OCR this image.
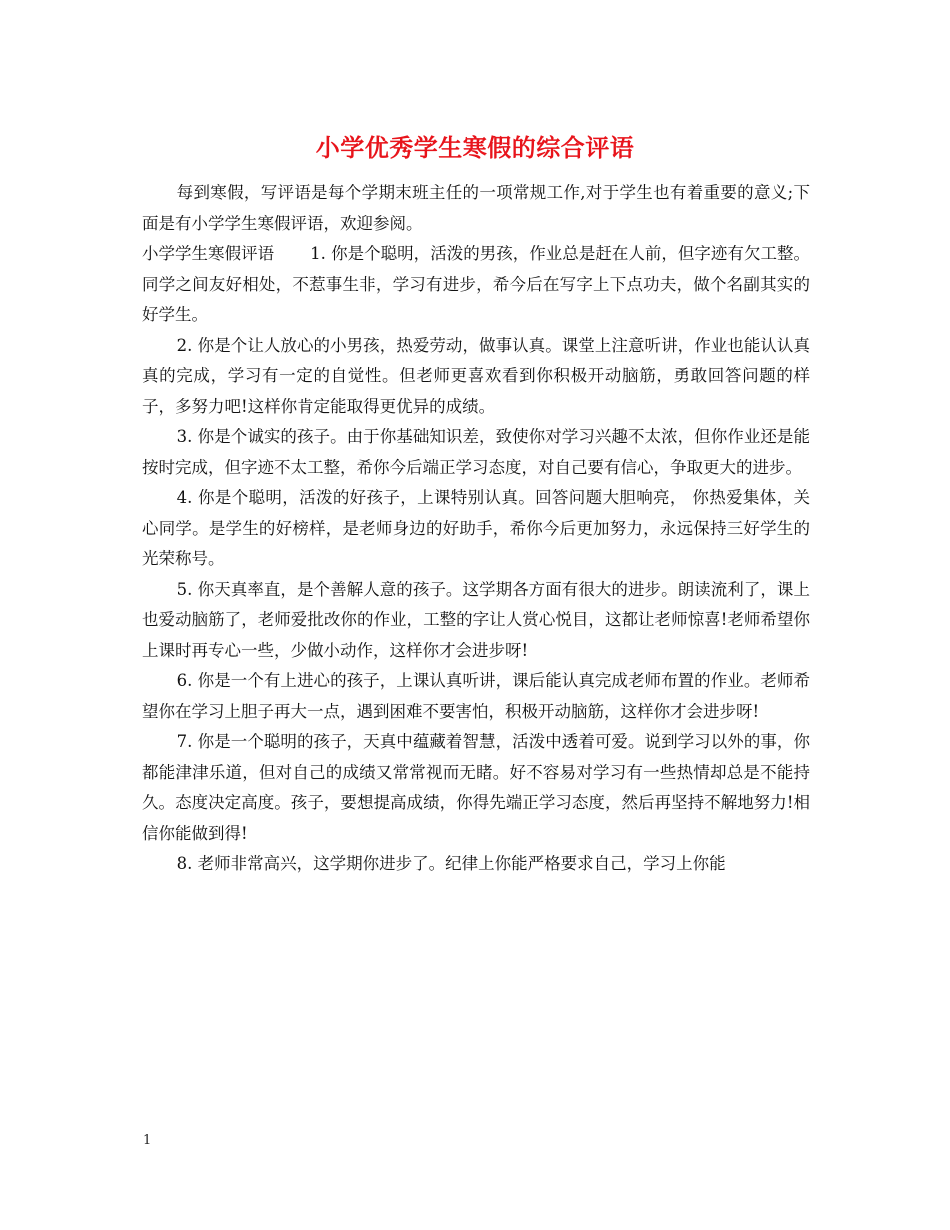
小学优秀学生寒假的综合评语

每到寒假，写评语是每个学期末班主任的一项常规工作,对于学生也有着重要的意义;下面是有小学学生寒假评语，欢迎参阅。

小学学生寒假评语 1. 你是个聪明，活泼的男孩，作业总是赶在人前，但字迹有欠工整。同学之间友好相处，不惹事生非，学习有进步，希今后在写字上下点功夫，做个名副其实的好学生。

2. 你是个让人放心的小男孩，热爱劳动，做事认真。课堂上注意听讲，作业也能认认真真的完成，学习有一定的自觉性。但老师更喜欢看到你积极开动脑筋，勇敢回答问题的样子，多努力吧!这样你肯定能取得更优异的成绩。

3. 你是个诚实的孩子。由于你基础知识差，致使你对学习兴趣不太浓，但你作业还是能按时完成，但字迹不太工整，希你今后端正学习态度，对自己要有信心，争取更大的进步。

4. 你是个聪明，活泼的好孩子，上课特别认真。回答问题大胆响亮， 你热爱集体，关心同学。是学生的好榜样，是老师身边的好助手，希你今后更加努力，永远保持三好学生的光荣称号。

5. 你天真率直，是个善解人意的孩子。这学期各方面有很大的进步。朗读流利了，课上也爱动脑筋了，老师爱批改你的作业，工整的字让人赏心悦目，这都让老师惊喜!老师希望你上课时再专心一些，少做小动作，这样你才会进步呀!

6. 你是一个有上进心的孩子，上课认真听讲，课后能认真完成老师布置的作业。老师希望你在学习上胆子再大一点，遇到困难不要害怕，积极开动脑筋，这样你才会进步呀!

7. 你是一个聪明的孩子，天真中蕴藏着智慧，活泼中透着可爱。说到学习以外的事，你都能津津乐道，但对自己的成绩又常常视而无睹。好不容易对学习有一些热情却总是不能持久。态度决定高度。孩子，要想提高成绩，你得先端正学习态度，然后再坚持不解地努力!相信你能做到得!

8. 老师非常高兴，这学期你进步了。纪律上你能严格要求自己，学习上你能

1
